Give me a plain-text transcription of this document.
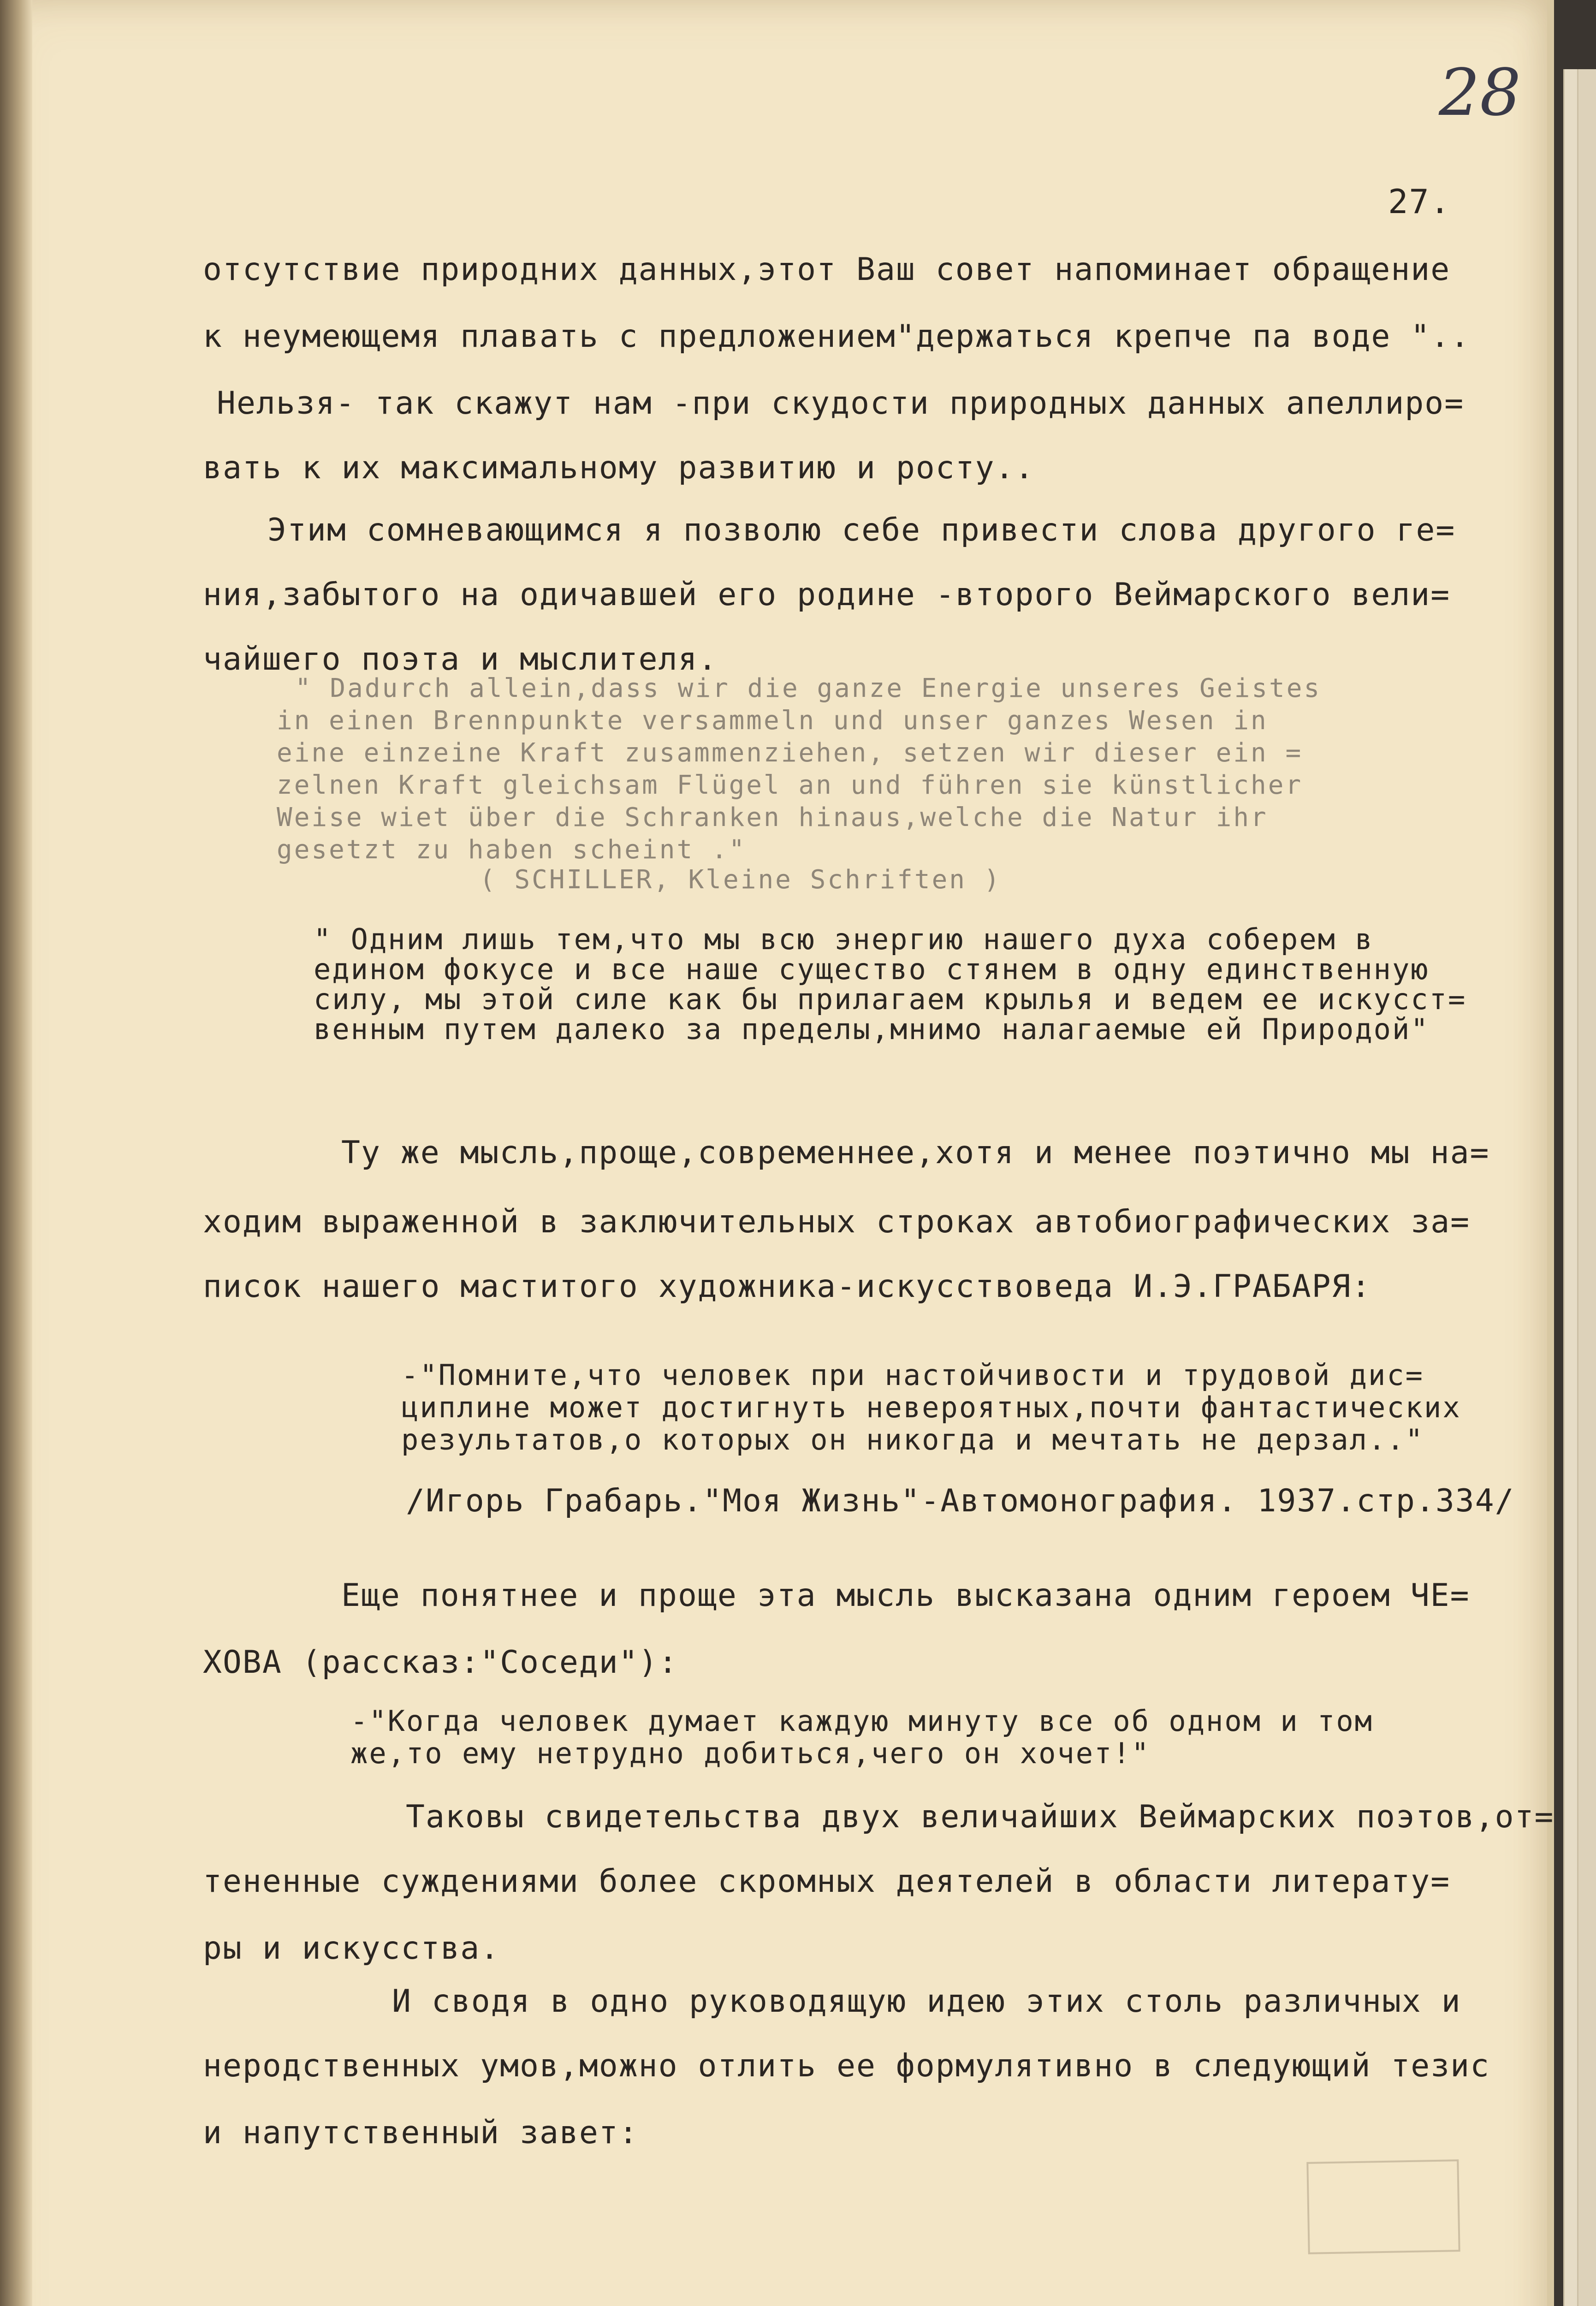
28
27.
отсутствие природних данных,этот Ваш совет напоминает обращение
к неумеющемя плавать с предложением"держаться крепче па воде "..
Нельзя- так скажут нам -при скудости природных данных апеллиро=
вать к их максимальному развитию и росту..
Этим сомневающимся я позволю себе привести слова другого ге=
ния,забытого на одичавшей его родине -второго Веймарского вели=
чайшего поэта и мыслителя.
" Dadurch allein,dass wir die ganze Energie unseres Geistes
in einen Brennpunkte versammeln und unser ganzes Wesen in
eine einzeine Kraft zusammenziehen, setzen wir dieser ein =
zelnen Kraft gleichsam Flügel an und führen sie künstlicher
Weise wiet über die Schranken hinaus,welche die Natur ihr
gesetzt zu haben scheint ."
( SCHILLER, Kleine Schriften )
" Одним лишь тем,что мы всю энергию нашего духа соберем в
едином фокусе и все наше существо стянем в одну единственную
силу, мы этой силе как бы прилагаем крылья и ведем ее искусст=
венным путем далеко за пределы,мнимо налагаемые ей Природой"
Ту же мысль,проще,современнее,хотя и менее поэтично мы на=
ходим выраженной в заключительных строках автобиографических за=
писок нашего маститого художника-искусствоведа И.Э.ГРАБАРЯ:
-"Помните,что человек при настойчивости и трудовой дис=
циплине может достигнуть невероятных,почти фантастических
результатов,о которых он никогда и мечтать не дерзал.."
/Игорь Грабарь."Моя Жизнь"-Автомонография. 1937.стр.334/
Еще понятнее и проще эта мысль высказана одним героем ЧЕ=
ХОВА (рассказ:"Соседи"):
-"Когда человек думает каждую минуту все об одном и том
же,то ему нетрудно добиться,чего он хочет!"
Таковы свидетельства двух величайших Веймарских поэтов,от=
тененные суждениями более скромных деятелей в области литерату=
ры и искусства.
И сводя в одно руководящую идею этих столь различных и
неродственных умов,можно отлить ее формулятивно в следующий тезис
и напутственный завет:
